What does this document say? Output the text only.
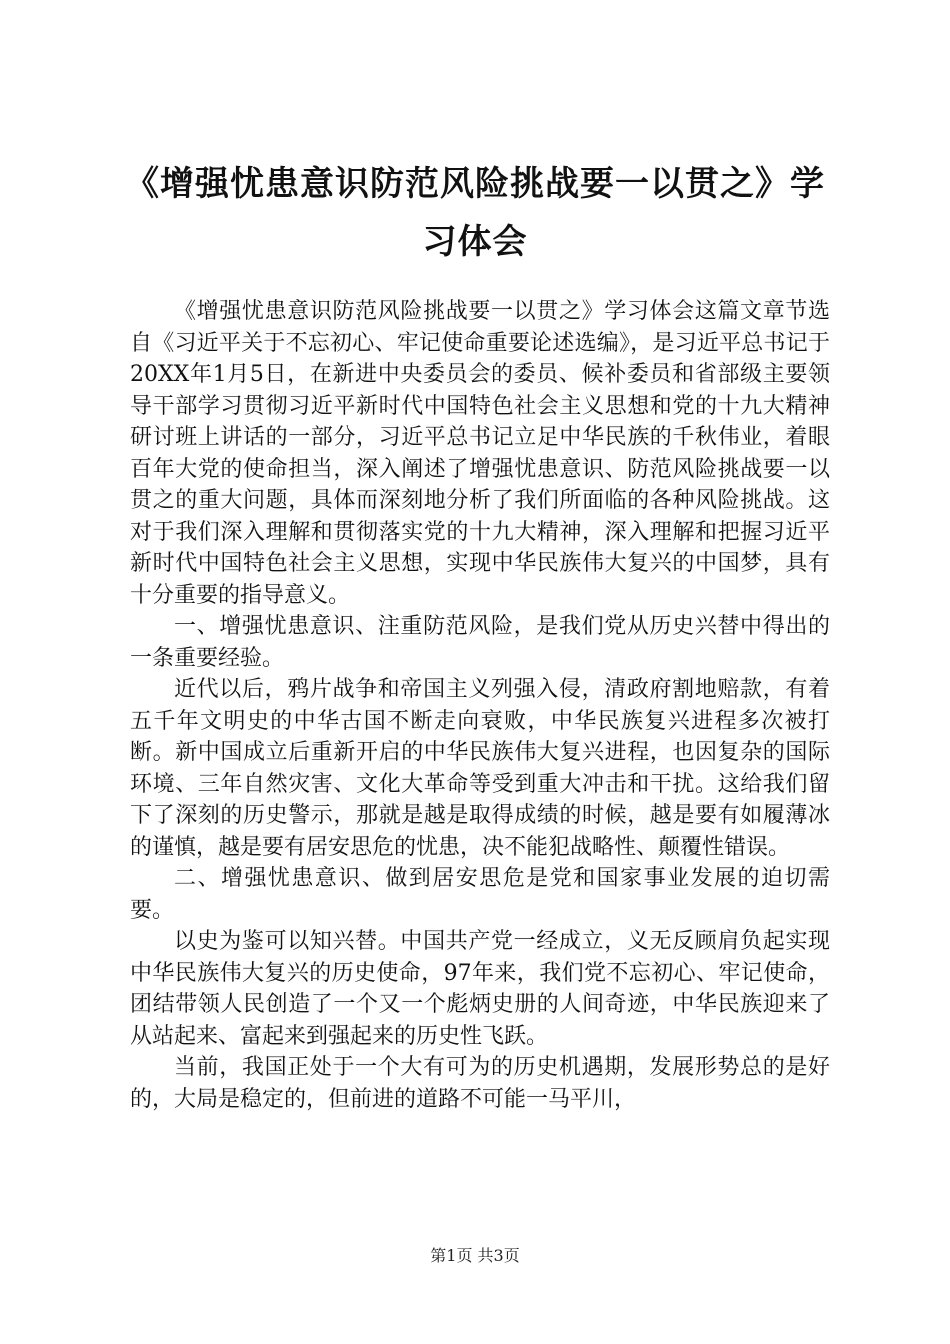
《增强忧患意识防范风险挑战要一以贯之》学习体会

《增强忧患意识防范风险挑战要一以贯之》学习体会这篇文章节选自《习近平关于不忘初心、牢记使命重要论述选编》，是习近平总书记于20XX年1月5日，在新进中央委员会的委员、候补委员和省部级主要领导干部学习贯彻习近平新时代中国特色社会主义思想和党的十九大精神研讨班上讲话的一部分，习近平总书记立足中华民族的千秋伟业，着眼百年大党的使命担当，深入阐述了增强忧患意识、防范风险挑战要一以贯之的重大问题，具体而深刻地分析了我们所面临的各种风险挑战。这对于我们深入理解和贯彻落实党的十九大精神，深入理解和把握习近平新时代中国特色社会主义思想，实现中华民族伟大复兴的中国梦，具有十分重要的指导意义。

一、增强忧患意识、注重防范风险，是我们党从历史兴替中得出的一条重要经验。

近代以后，鸦片战争和帝国主义列强入侵，清政府割地赔款，有着五千年文明史的中华古国不断走向衰败，中华民族复兴进程多次被打断。新中国成立后重新开启的中华民族伟大复兴进程，也因复杂的国际环境、三年自然灾害、文化大革命等受到重大冲击和干扰。这给我们留下了深刻的历史警示，那就是越是取得成绩的时候，越是要有如履薄冰的谨慎，越是要有居安思危的忧患，决不能犯战略性、颠覆性错误。

二、增强忧患意识、做到居安思危是党和国家事业发展的迫切需要。

以史为鉴可以知兴替。中国共产党一经成立，义无反顾肩负起实现中华民族伟大复兴的历史使命，97年来，我们党不忘初心、牢记使命，团结带领人民创造了一个又一个彪炳史册的人间奇迹，中华民族迎来了从站起来、富起来到强起来的历史性飞跃。

当前，我国正处于一个大有可为的历史机遇期，发展形势总的是好的，大局是稳定的，但前进的道路不可能一马平川，

第1页 共3页
